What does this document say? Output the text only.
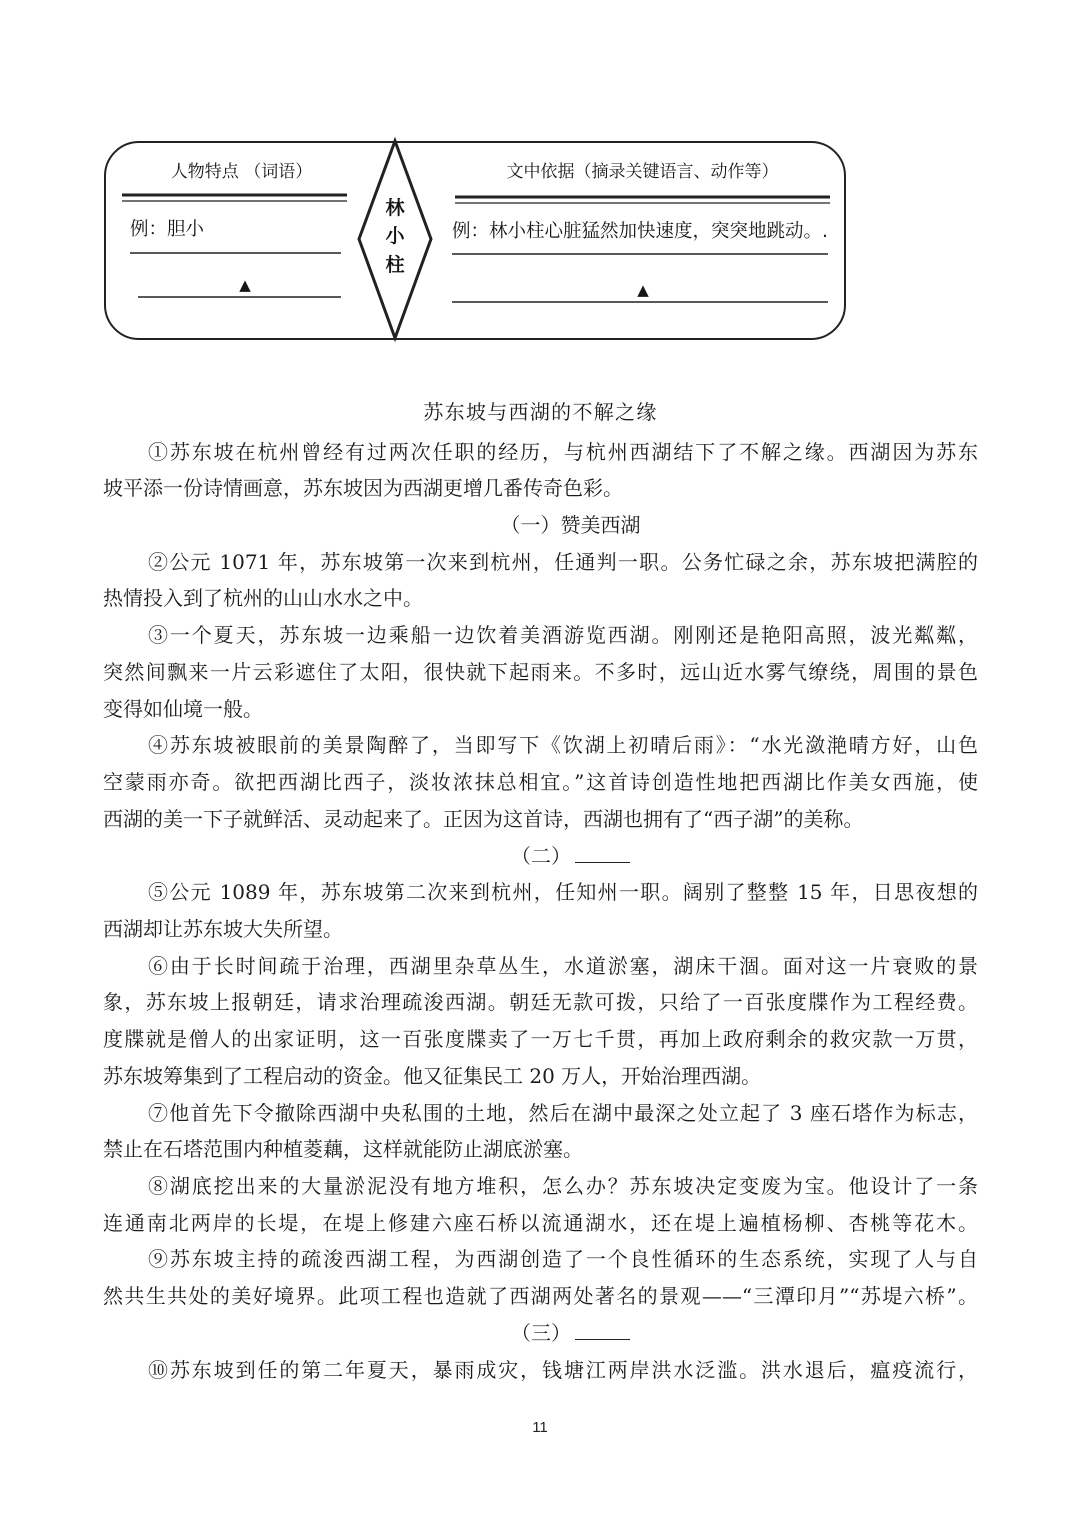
人物特点 （词语）
例：胆小
▲
林小柱
文中依据（摘录关键语言、动作等）
例：林小柱心脏猛然加快速度，突突地跳动。.
▲
苏东坡与西湖的不解之缘
①苏东坡在杭州曾经有过两次任职的经历，与杭州西湖结下了不解之缘。西湖因为苏东
坡平添一份诗情画意，苏东坡因为西湖更增几番传奇色彩。
（一）赞美西湖
②公元 1071 年，苏东坡第一次来到杭州，任通判一职。公务忙碌之余，苏东坡把满腔的
热情投入到了杭州的山山水水之中。
③一个夏天，苏东坡一边乘船一边饮着美酒游览西湖。刚刚还是艳阳高照，波光粼粼，
突然间飘来一片云彩遮住了太阳，很快就下起雨来。不多时，远山近水雾气缭绕，周围的景色
变得如仙境一般。
④苏东坡被眼前的美景陶醉了，当即写下《饮湖上初晴后雨》：“水光潋滟晴方好，山色
空蒙雨亦奇。欲把西湖比西子，淡妆浓抹总相宜。”这首诗创造性地把西湖比作美女西施，使
西湖的美一下子就鲜活、灵动起来了。正因为这首诗，西湖也拥有了“西子湖”的美称。
（二）
⑤公元 1089 年，苏东坡第二次来到杭州，任知州一职。阔别了整整 15 年，日思夜想的
西湖却让苏东坡大失所望。
⑥由于长时间疏于治理，西湖里杂草丛生，水道淤塞，湖床干涸。面对这一片衰败的景
象，苏东坡上报朝廷，请求治理疏浚西湖。朝廷无款可拨，只给了一百张度牒作为工程经费。
度牒就是僧人的出家证明，这一百张度牒卖了一万七千贯，再加上政府剩余的救灾款一万贯，
苏东坡筹集到了工程启动的资金。他又征集民工 20 万人，开始治理西湖。
⑦他首先下令撤除西湖中央私围的土地，然后在湖中最深之处立起了 3 座石塔作为标志，
禁止在石塔范围内种植菱藕，这样就能防止湖底淤塞。
⑧湖底挖出来的大量淤泥没有地方堆积，怎么办？苏东坡决定变废为宝。他设计了一条
连通南北两岸的长堤，在堤上修建六座石桥以流通湖水，还在堤上遍植杨柳、杏桃等花木。
⑨苏东坡主持的疏浚西湖工程，为西湖创造了一个良性循环的生态系统，实现了人与自
然共生共处的美好境界。此项工程也造就了西湖两处著名的景观——“三潭印月”“苏堤六桥”。
（三）
⑩苏东坡到任的第二年夏天，暴雨成灾，钱塘江两岸洪水泛滥。洪水退后，瘟疫流行，
11
